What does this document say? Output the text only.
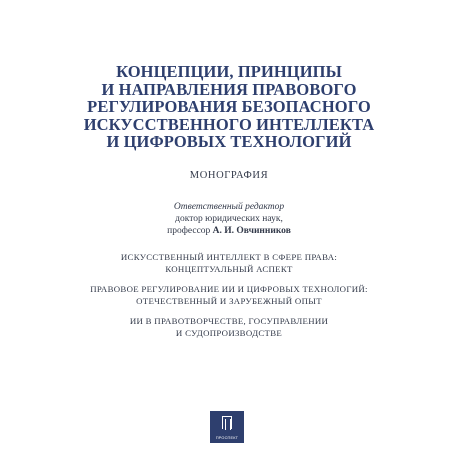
КОНЦЕПЦИИ, ПРИНЦИПЫ
И НАПРАВЛЕНИЯ ПРАВОВОГО
РЕГУЛИРОВАНИЯ БЕЗОПАСНОГО
ИСКУССТВЕННОГО ИНТЕЛЛЕКТА
И ЦИФРОВЫХ ТЕХНОЛОГИЙ
МОНОГРАФИЯ
Ответственный редактор
доктор юридических наук,
профессор А. И. Овчинников
ИСКУССТВЕННЫЙ ИНТЕЛЛЕКТ В СФЕРЕ ПРАВА:
КОНЦЕПТУАЛЬНЫЙ АСПЕКТ
ПРАВОВОЕ РЕГУЛИРОВАНИЕ ИИ И ЦИФРОВЫХ ТЕХНОЛОГИЙ:
ОТЕЧЕСТВЕННЫЙ И ЗАРУБЕЖНЫЙ ОПЫТ
ИИ В ПРАВОТВОРЧЕСТВЕ, ГОСУПРАВЛЕНИИ
И СУДОПРОИЗВОДСТВЕ
ПРОСПЕКТ
